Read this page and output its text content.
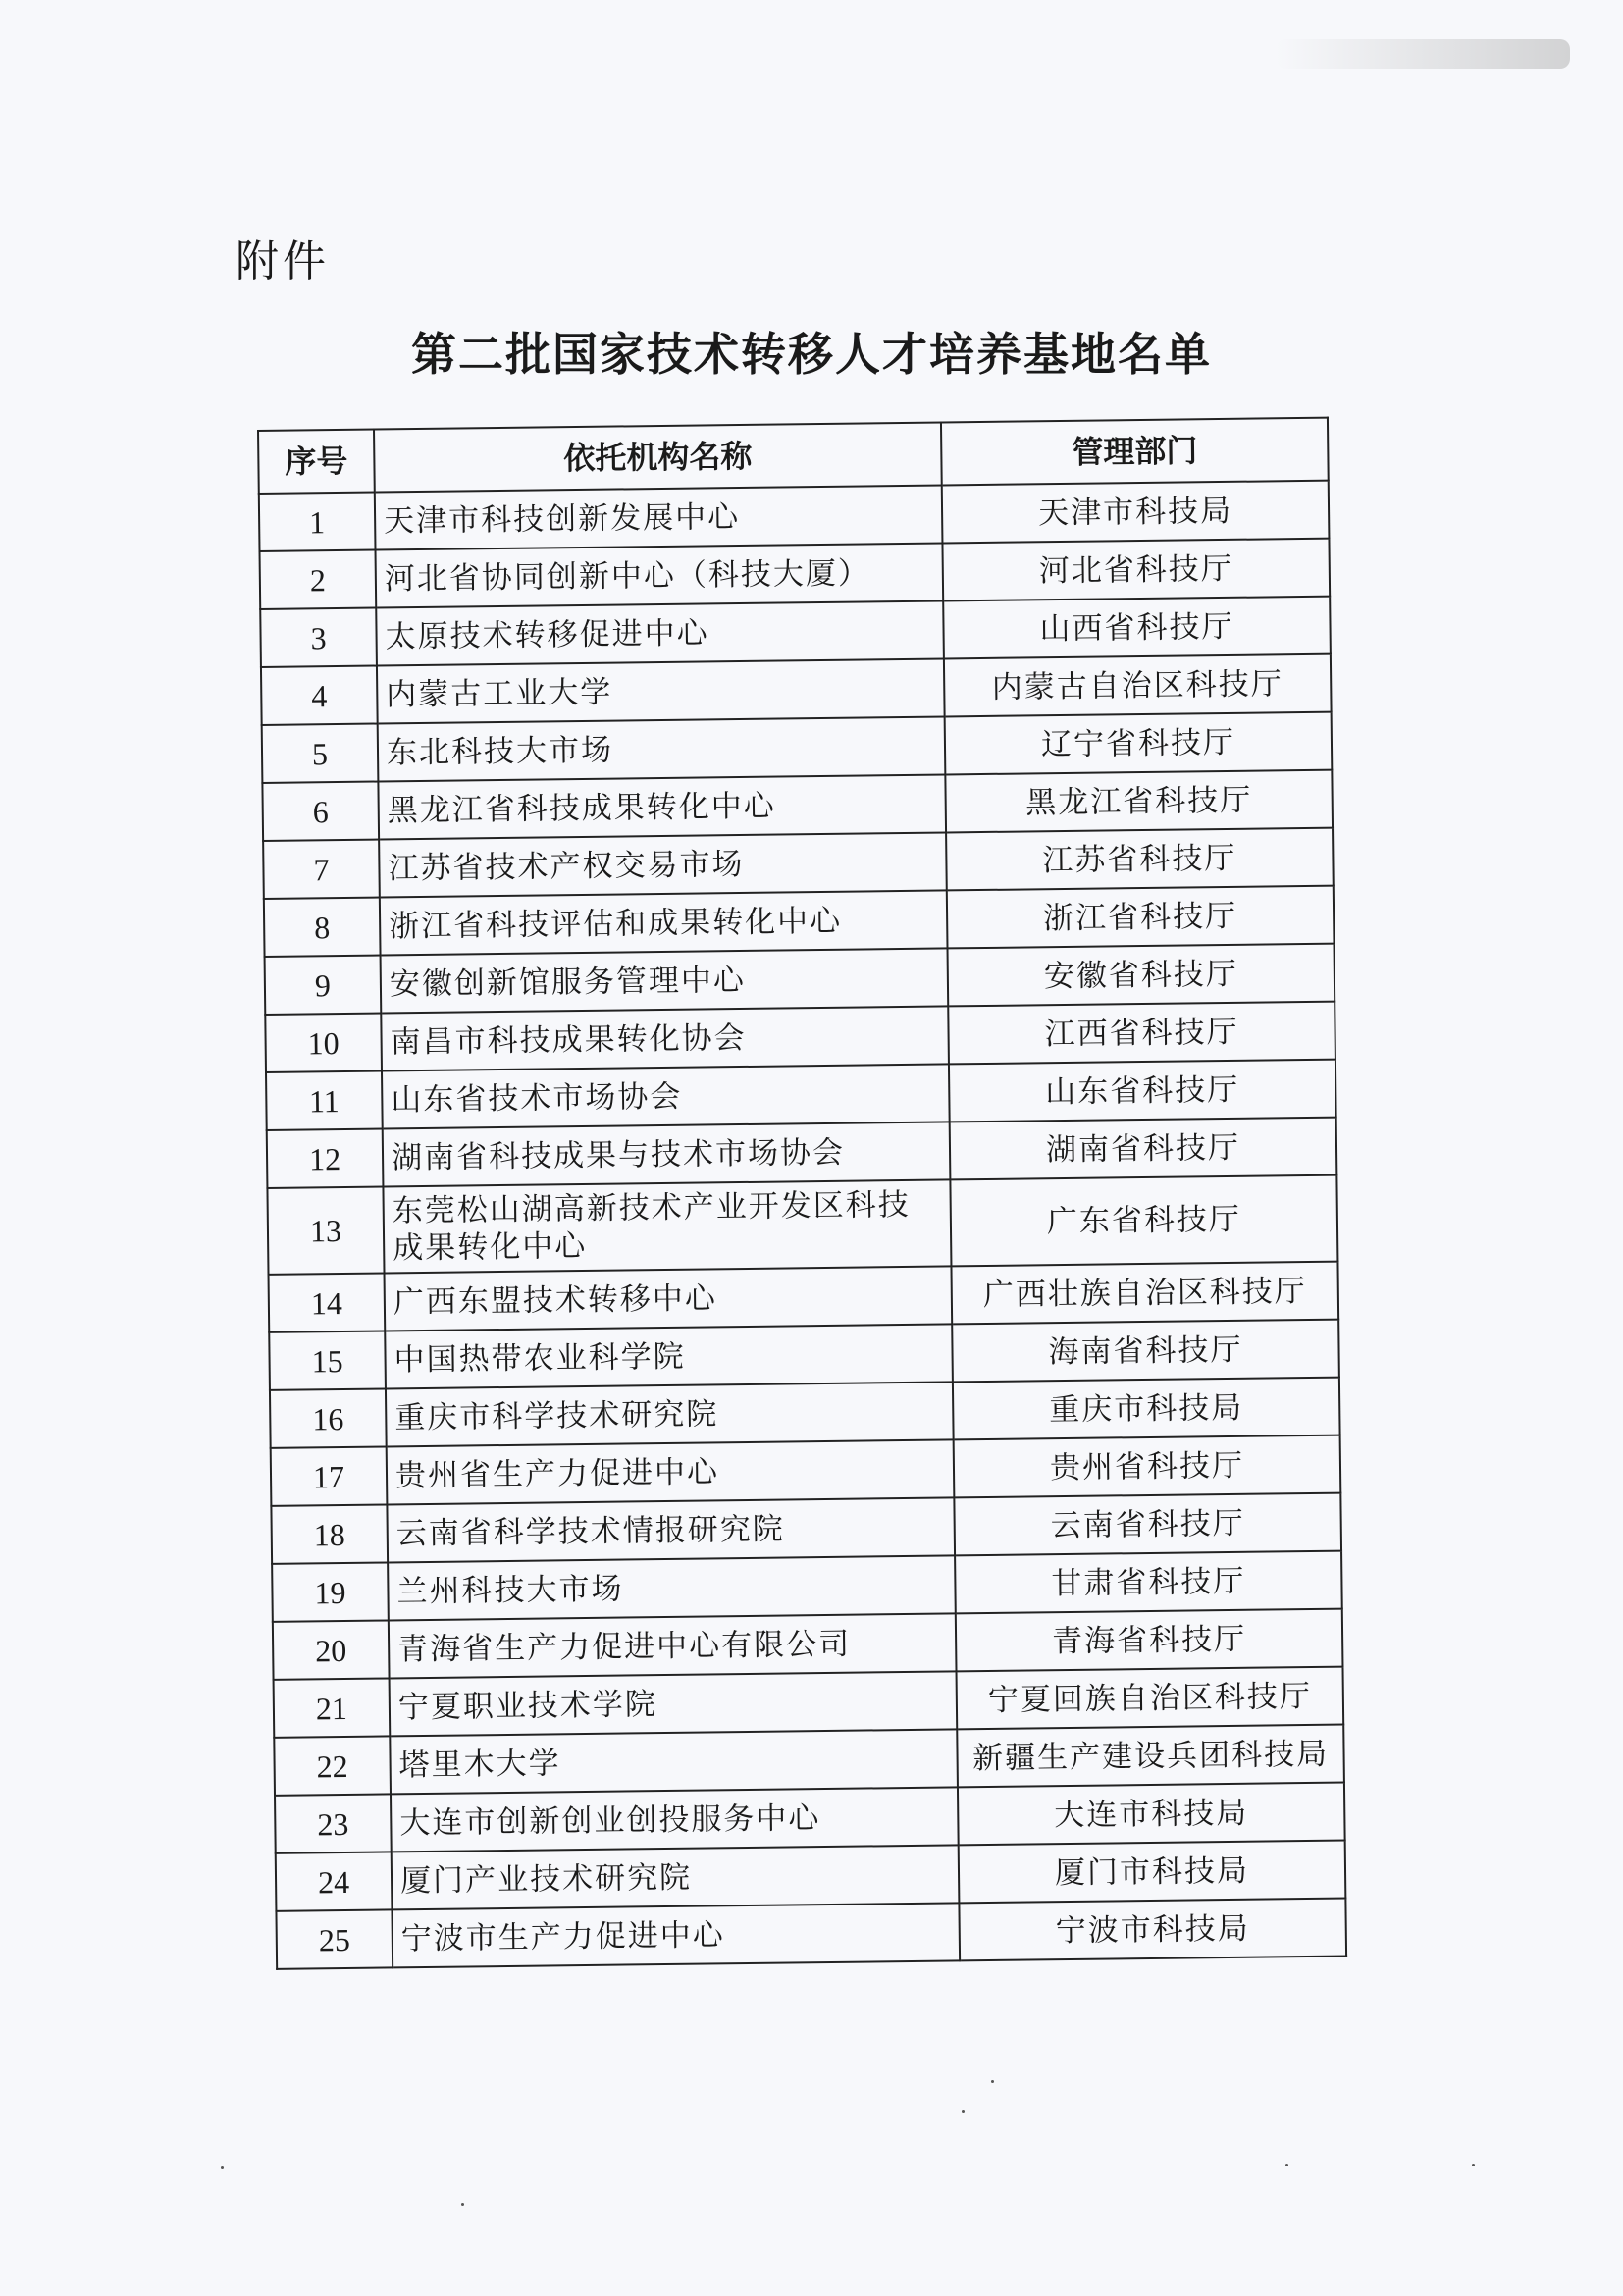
附件
第二批国家技术转移人才培养基地名单
序号	依托机构名称	管理部门
1	天津市科技创新发展中心	天津市科技局
2	河北省协同创新中心（科技大厦）	河北省科技厅
3	太原技术转移促进中心	山西省科技厅
4	内蒙古工业大学	内蒙古自治区科技厅
5	东北科技大市场	辽宁省科技厅
6	黑龙江省科技成果转化中心	黑龙江省科技厅
7	江苏省技术产权交易市场	江苏省科技厅
8	浙江省科技评估和成果转化中心	浙江省科技厅
9	安徽创新馆服务管理中心	安徽省科技厅
10	南昌市科技成果转化协会	江西省科技厅
11	山东省技术市场协会	山东省科技厅
12	湖南省科技成果与技术市场协会	湖南省科技厅
13	东莞松山湖高新技术产业开发区科技成果转化中心	广东省科技厅
14	广西东盟技术转移中心	广西壮族自治区科技厅
15	中国热带农业科学院	海南省科技厅
16	重庆市科学技术研究院	重庆市科技局
17	贵州省生产力促进中心	贵州省科技厅
18	云南省科学技术情报研究院	云南省科技厅
19	兰州科技大市场	甘肃省科技厅
20	青海省生产力促进中心有限公司	青海省科技厅
21	宁夏职业技术学院	宁夏回族自治区科技厅
22	塔里木大学	新疆生产建设兵团科技局
23	大连市创新创业创投服务中心	大连市科技局
24	厦门产业技术研究院	厦门市科技局
25	宁波市生产力促进中心	宁波市科技局
